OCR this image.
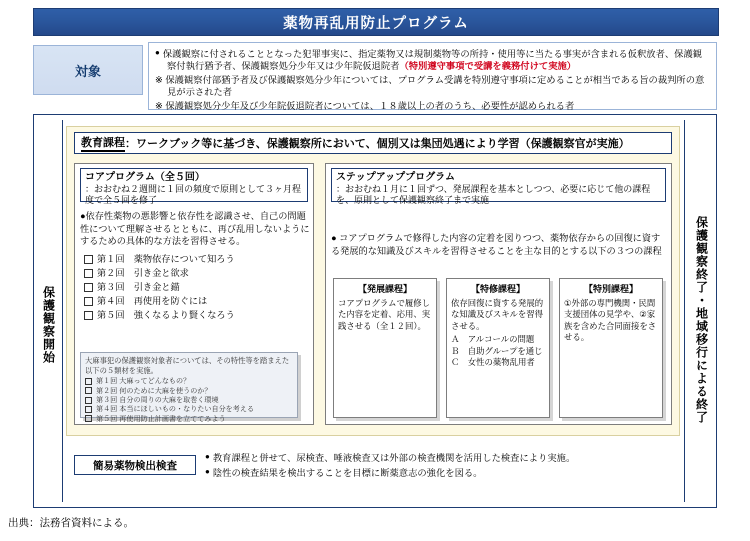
薬物再乱用防止プログラム
対象
● 保護観察に付されることとなった犯罪事実に、指定薬物又は規制薬物等の所持・使用等に当たる事実が含まれる仮釈放者、保護観察付執行猶予者、保護観察処分少年又は少年院仮退院者（特別遵守事項で受講を義務付けて実施）
※ 保護観察付部猶予者及び保護観察処分少年については、プログラム受講を特別遵守事項に定めることが相当である旨の裁判所の意見が示された者
※ 保護観察処分少年及び少年院仮退院者については、１８歳以上の者のうち、必要性が認められる者
保護観察開始	保護観察終了・地域移行による終了
教育課程 ：ワークブック等に基づき、保護観察所において、個別又は集団処遇により学習（保護観察官が実施）
コアプログラム（全５回）
：おおむね２週間に１回の頻度で原則として３ヶ月程度で全５回を修了
●依存性薬物の悪影響と依存性を認識させ、自己の問題性について理解させるとともに、再び乱用しないようにするための具体的な方法を習得させる。
第１回　薬物依存について知ろう
第２回　引き金と欲求
第３回　引き金と錨
第４回　再使用を防ぐには
第５回　強くなるより賢くなろう
大麻事犯の保護観察対象者については、その特性等を踏まえた以下の５類材を実施。
第１回 大麻ってどんなもの？
第２回 何のために大麻を使うのか？
第３回 自分の周りの大麻を取巻く環境
第４回 本当にほしいもの・なりたい自分を考える
第５回 再使用防止計画書を立ててみよう
ステップアッププログラム
：おおむね１月に１回ずつ、発展課程を基本としつつ、必要に応じて他の課程を、原則として保護観察終了まで実施
● コアプログラムで修得した内容の定着を図りつつ、薬物依存からの回復に資する発展的な知識及びスキルを習得させることを主な目的とする以下の３つの課程
【発展課程】

コアプログラムで履修した内容を定着、応用、実践させる（全１２回）。

【特修課程】

依存回復に資する発展的な知識及びスキルを習得させる。

Ａ　アルコールの問題
Ｂ　自助グループを通じ
Ｃ　女性の薬物乱用者
【特別課程】

①外部の専門機関・民間支援団体の見学や、②家族を含めた合同面接をさせる。

簡易薬物検出検査
● 教育課程と併せて、尿検査、唾液検査又は外部の検査機関を活用した検査により実施。
● 陰性の検査結果を検出することを目標に断薬意志の強化を図る。
出典：法務省資料による。
